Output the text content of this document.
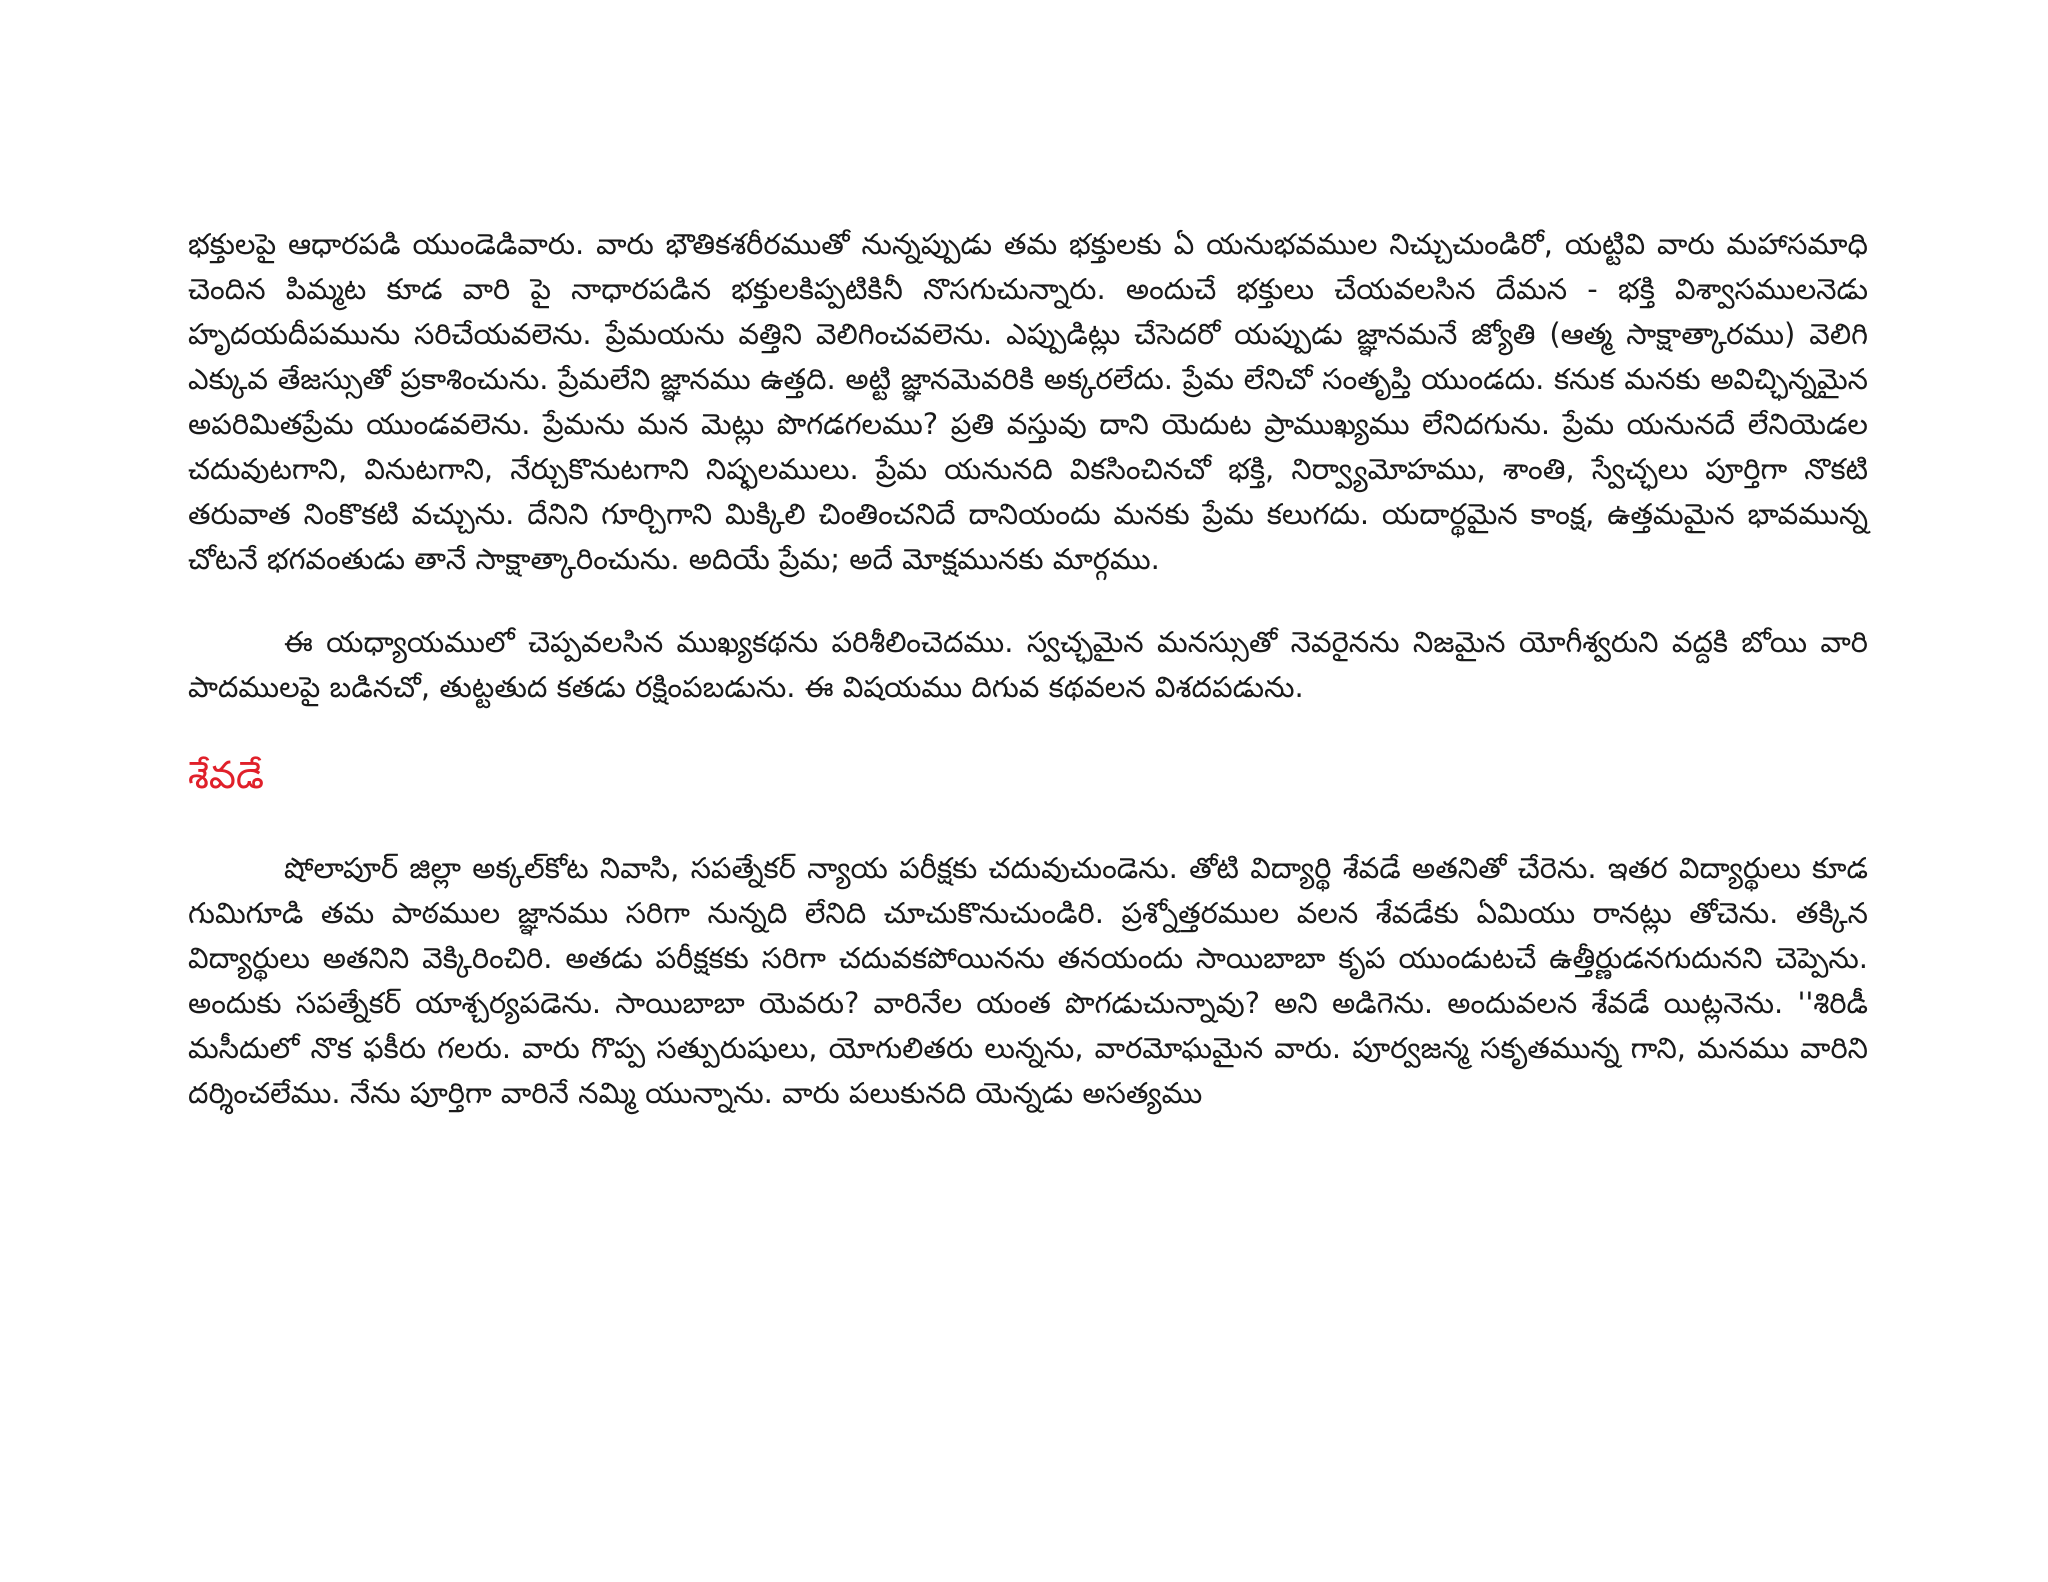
భక్తులపై ఆధారపడి యుండెడివారు. వారు భౌతికశరీరముతో నున్నప్పుడు తమ భక్తులకు ఏ యనుభవముల నిచ్చుచుండిరో, యట్టివి వారు మహాసమాధి చెందిన పిమ్మట కూడ వారి పై నాధారపడిన భక్తులకిప్పటికినీ నొసగుచున్నారు. అందుచే భక్తులు చేయవలసిన దేమన - భక్తి విశ్వాసములనెడు హృదయదీపమును సరిచేయవలెను. ప్రేమయను వత్తిని వెలిగించవలెను. ఎప్పుడిట్లు చేసెదరో యప్పుడు జ్ఞానమనే జ్యోతి (ఆత్మ సాక్షాత్కారము) వెలిగి ఎక్కువ తేజస్సుతో ప్రకాశించును. ప్రేమలేని జ్ఞానము ఉత్తది. అట్టి జ్ఞానమెవరికి అక్కరలేదు. ప్రేమ లేనిచో సంతృప్తి యుండదు. కనుక మనకు అవిచ్ఛిన్నమైన అపరిమితప్రేమ యుండవలెను. ప్రేమను మన మెట్లు పొగడగలము? ప్రతి వస్తువు దాని యెదుట ప్రాముఖ్యము లేనిదగును. ప్రేమ యనునదే లేనియెడల చదువుటగాని, వినుటగాని, నేర్చుకొనుటగాని నిష్ఫలములు. ప్రేమ యనునది వికసించినచో భక్తి, నిర్వ్యామోహము, శాంతి, స్వేచ్ఛలు పూర్తిగా నొకటి తరువాత నింకొకటి వచ్చును. దేనిని గూర్చిగాని మిక్కిలి చింతించనిదే దానియందు మనకు ప్రేమ కలుగదు. యదార్థమైన కాంక్ష, ఉత్తమమైన భావమున్న చోటనే భగవంతుడు తానే సాక్షాత్కారించును. అదియే ప్రేమ; అదే మోక్షమునకు మార్గము.

ఈ యధ్యాయములో చెప్పవలసిన ముఖ్యకథను పరిశీలించెదము. స్వచ్ఛమైన మనస్సుతో నెవరైనను నిజమైన యోగీశ్వరుని వద్దకి బోయి వారి పాదములపై బడినచో, తుట్టతుద కతడు రక్షింపబడును. ఈ విషయము దిగువ కథవలన విశదపడును.

శేవడే

షోలాపూర్ జిల్లా అక్కల్‌కోట నివాసి, సపత్నేకర్ న్యాయ పరీక్షకు చదువుచుండెను. తోటి విద్యార్థి శేవడే అతనితో చేరెను. ఇతర విద్యార్థులు కూడ గుమిగూడి తమ పాఠముల జ్ఞానము సరిగా నున్నది లేనిది చూచుకొనుచుండిరి. ప్రశ్నోత్తరముల వలన శేవడేకు ఏమియు రానట్లు తోచెను. తక్కిన విద్యార్థులు అతనిని వెక్కిరించిరి. అతడు పరీక్షకకు సరిగా చదువకపోయినను తనయందు సాయిబాబా కృప యుండుటచే ఉత్తీర్ణుడనగుదునని చెప్పెను. అందుకు సపత్నేకర్ యాశ్చర్యపడెను. సాయిబాబా యెవరు? వారినేల యంత పొగడుచున్నావు? అని అడిగెను. అందువలన శేవడే యిట్లనెను. ''శిరిడీ మసీదులో నొక ఫకీరు గలరు. వారు గొప్ప సత్పురుషులు, యోగులితరు లున్నను, వారమోఘమైన వారు. పూర్వజన్మ సకృతమున్న గాని, మనము వారిని దర్శించలేము. నేను పూర్తిగా వారినే నమ్మి యున్నాను. వారు పలుకునది యెన్నడు అసత్యము
